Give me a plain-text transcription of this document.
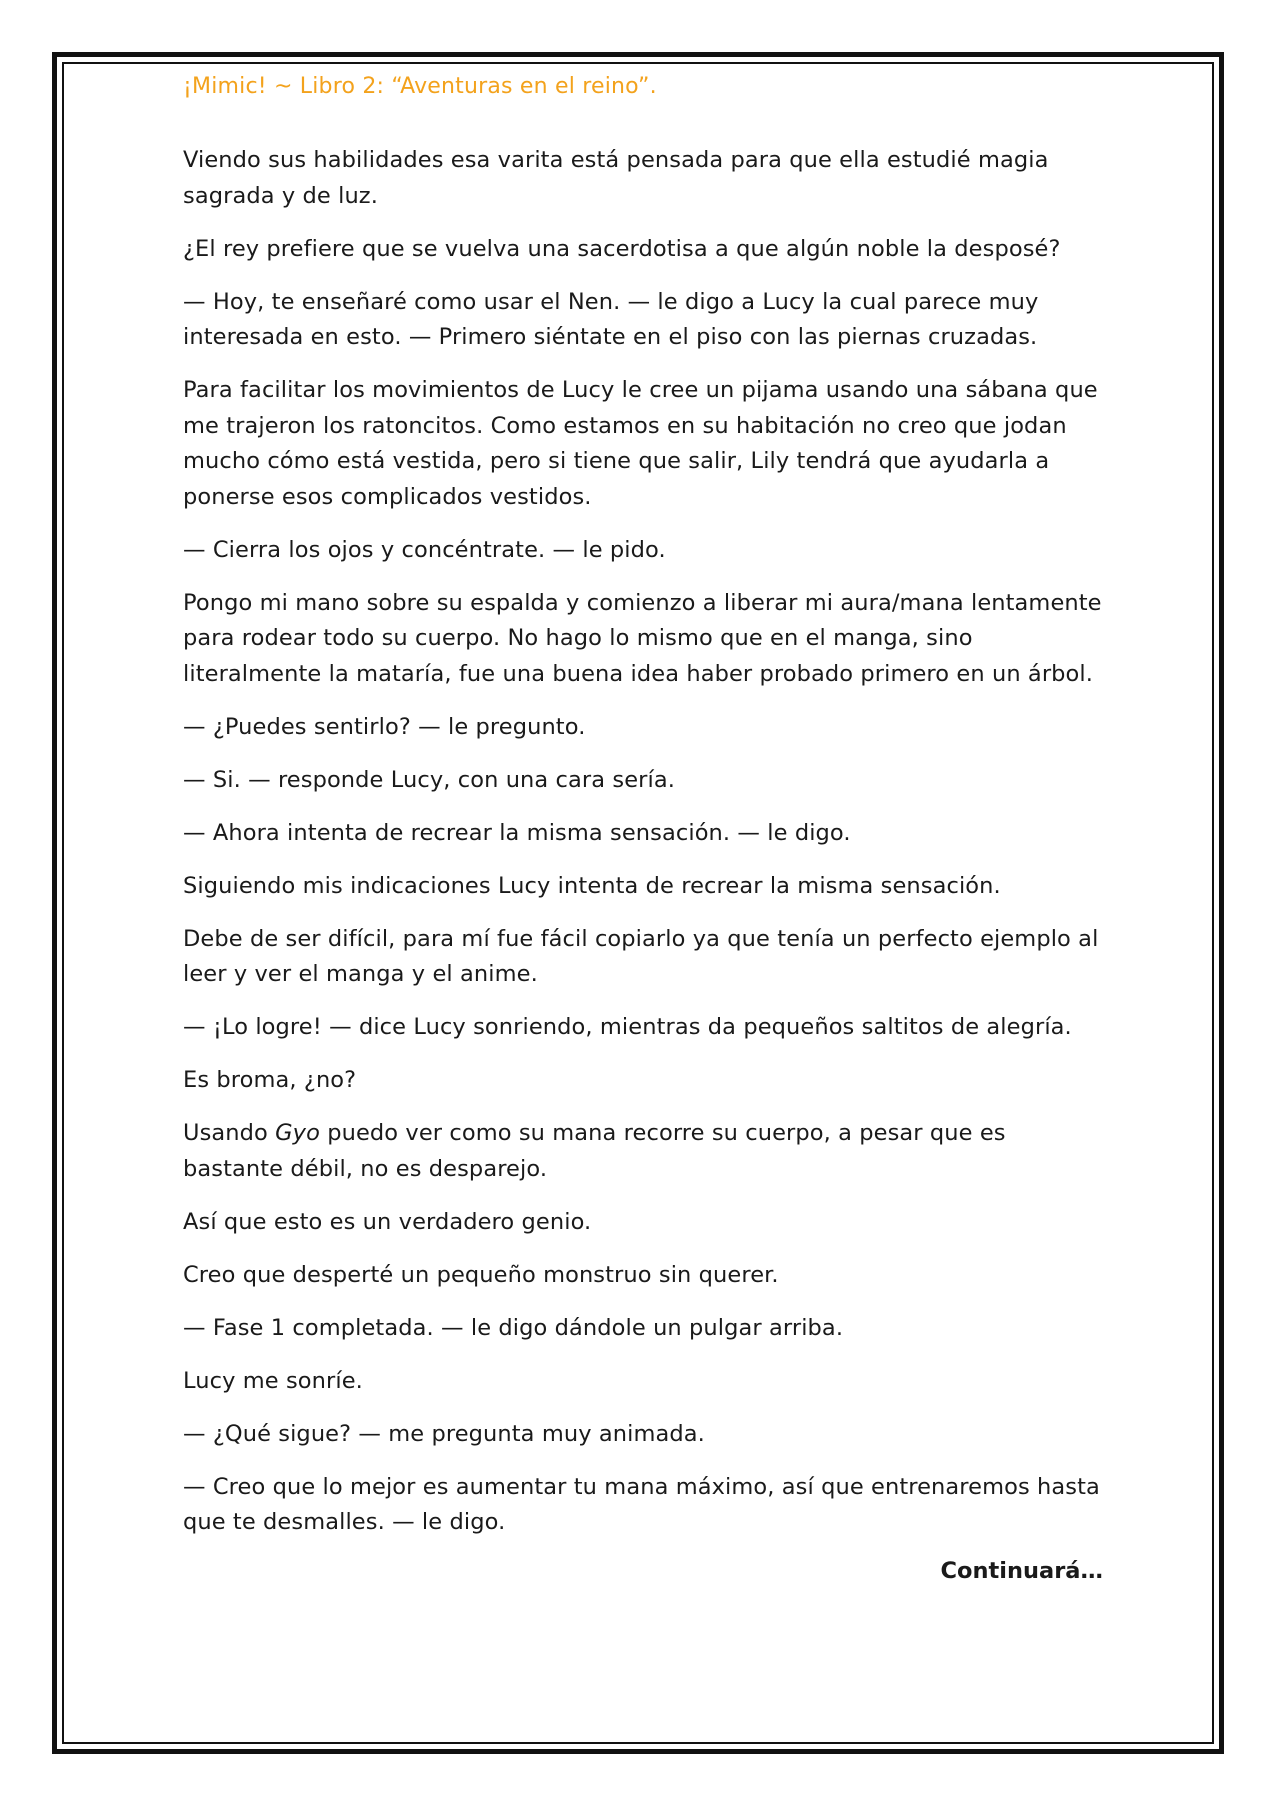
¡Mimic! ~ Libro 2: “Aventuras en el reino”.

Viendo sus habilidades esa varita está pensada para que ella estudié magia sagrada y de luz.

¿El rey prefiere que se vuelva una sacerdotisa a que algún noble la desposé?

— Hoy, te enseñaré como usar el Nen. — le digo a Lucy la cual parece muy interesada en esto. — Primero siéntate en el piso con las piernas cruzadas.

Para facilitar los movimientos de Lucy le cree un pijama usando una sábana que me trajeron los ratoncitos. Como estamos en su habitación no creo que jodan mucho cómo está vestida, pero si tiene que salir, Lily tendrá que ayudarla a ponerse esos complicados vestidos.

— Cierra los ojos y concéntrate. — le pido.

Pongo mi mano sobre su espalda y comienzo a liberar mi aura/mana lentamente para rodear todo su cuerpo. No hago lo mismo que en el manga, sino literalmente la mataría, fue una buena idea haber probado primero en un árbol.

— ¿Puedes sentirlo? — le pregunto.

— Si. — responde Lucy, con una cara sería.

— Ahora intenta de recrear la misma sensación. — le digo.

Siguiendo mis indicaciones Lucy intenta de recrear la misma sensación.

Debe de ser difícil, para mí fue fácil copiarlo ya que tenía un perfecto ejemplo al leer y ver el manga y el anime.

— ¡Lo logre! — dice Lucy sonriendo, mientras da pequeños saltitos de alegría.

Es broma, ¿no?

Usando Gyo puedo ver como su mana recorre su cuerpo, a pesar que es bastante débil, no es desparejo.

Así que esto es un verdadero genio.

Creo que desperté un pequeño monstruo sin querer.

— Fase 1 completada. — le digo dándole un pulgar arriba.

Lucy me sonríe.

— ¿Qué sigue? — me pregunta muy animada.

— Creo que lo mejor es aumentar tu mana máximo, así que entrenaremos hasta que te desmalles. — le digo.

Continuará…
